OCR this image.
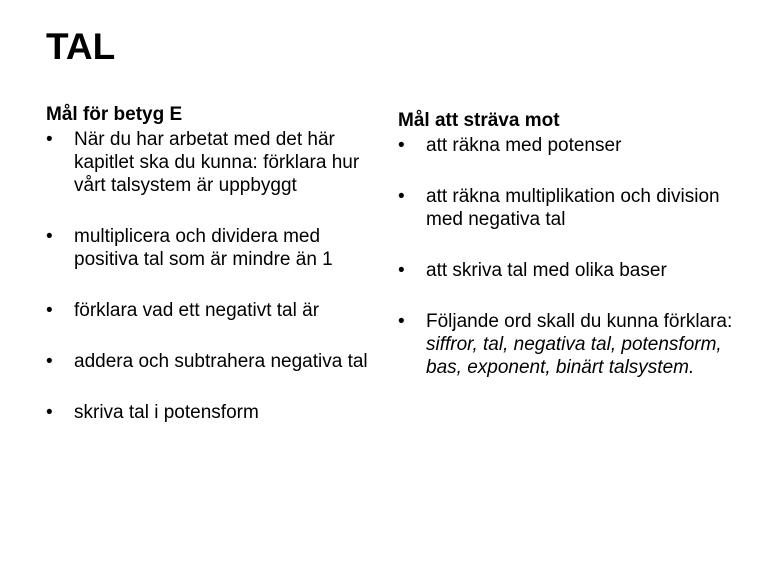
TAL

Mål för betyg E

• När du har arbetat med det här kapitlet ska du kunna: förklara hur vårt talsystem är uppbyggt
• multiplicera och dividera med positiva tal som är mindre än 1
• förklara vad ett negativt tal är
• addera och subtrahera negativa tal
• skriva tal i potensform

Mål att sträva mot

• att räkna med potenser
• att räkna multiplikation och division med negativa tal
• att skriva tal med olika baser
• Följande ord skall du kunna förklara: siffror, tal, negativa tal, potensform, bas, exponent, binärt talsystem.
